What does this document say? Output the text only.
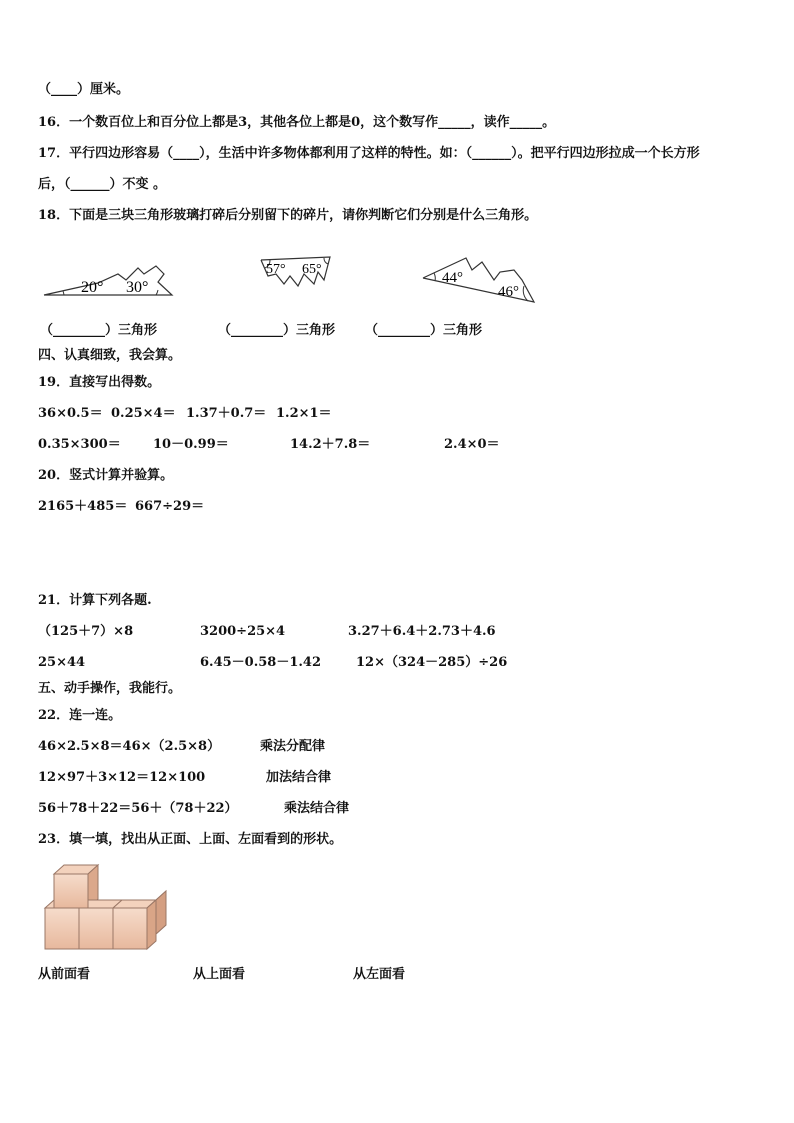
（____）厘米。
16．一个数百位上和百分位上都是3，其他各位上都是0，这个数写作_____，读作_____。
17．平行四边形容易（____），生活中许多物体都利用了这样的特性。如：（______）。把平行四边形拉成一个长方形
后，（______）不变 。
18．下面是三块三角形玻璃打碎后分别留下的碎片，请你判断它们分别是什么三角形。
20° 30°
57° 65°
44°
46°
（________）三角形	（________）三角形 （________）三角形
四、认真细致，我会算。
19．直接写出得数。
36×0.5＝ 0.25×4＝ 1.37＋0.7＝ 1.2×1＝
0.35×300＝ 10－0.99＝	14.2＋7.8＝	2.4×0＝
20．竖式计算并验算。
2165＋485＝ 667÷29＝
21．计算下列各题.
（125＋7）×8	3200÷25×4	3.27＋6.4＋2.73＋4.6
25×44	6.45－0.58－1.42	12×（324－285）÷26
五、动手操作，我能行。
22．连一连。
46×2.5×8＝46×（2.5×8）	乘法分配律
12×97＋3×12＝12×100	加法结合律
56＋78＋22＝56＋（78＋22）	乘法结合律
23．填一填，找出从正面、上面、左面看到的形状。
从前面看	从上面看	从左面看
